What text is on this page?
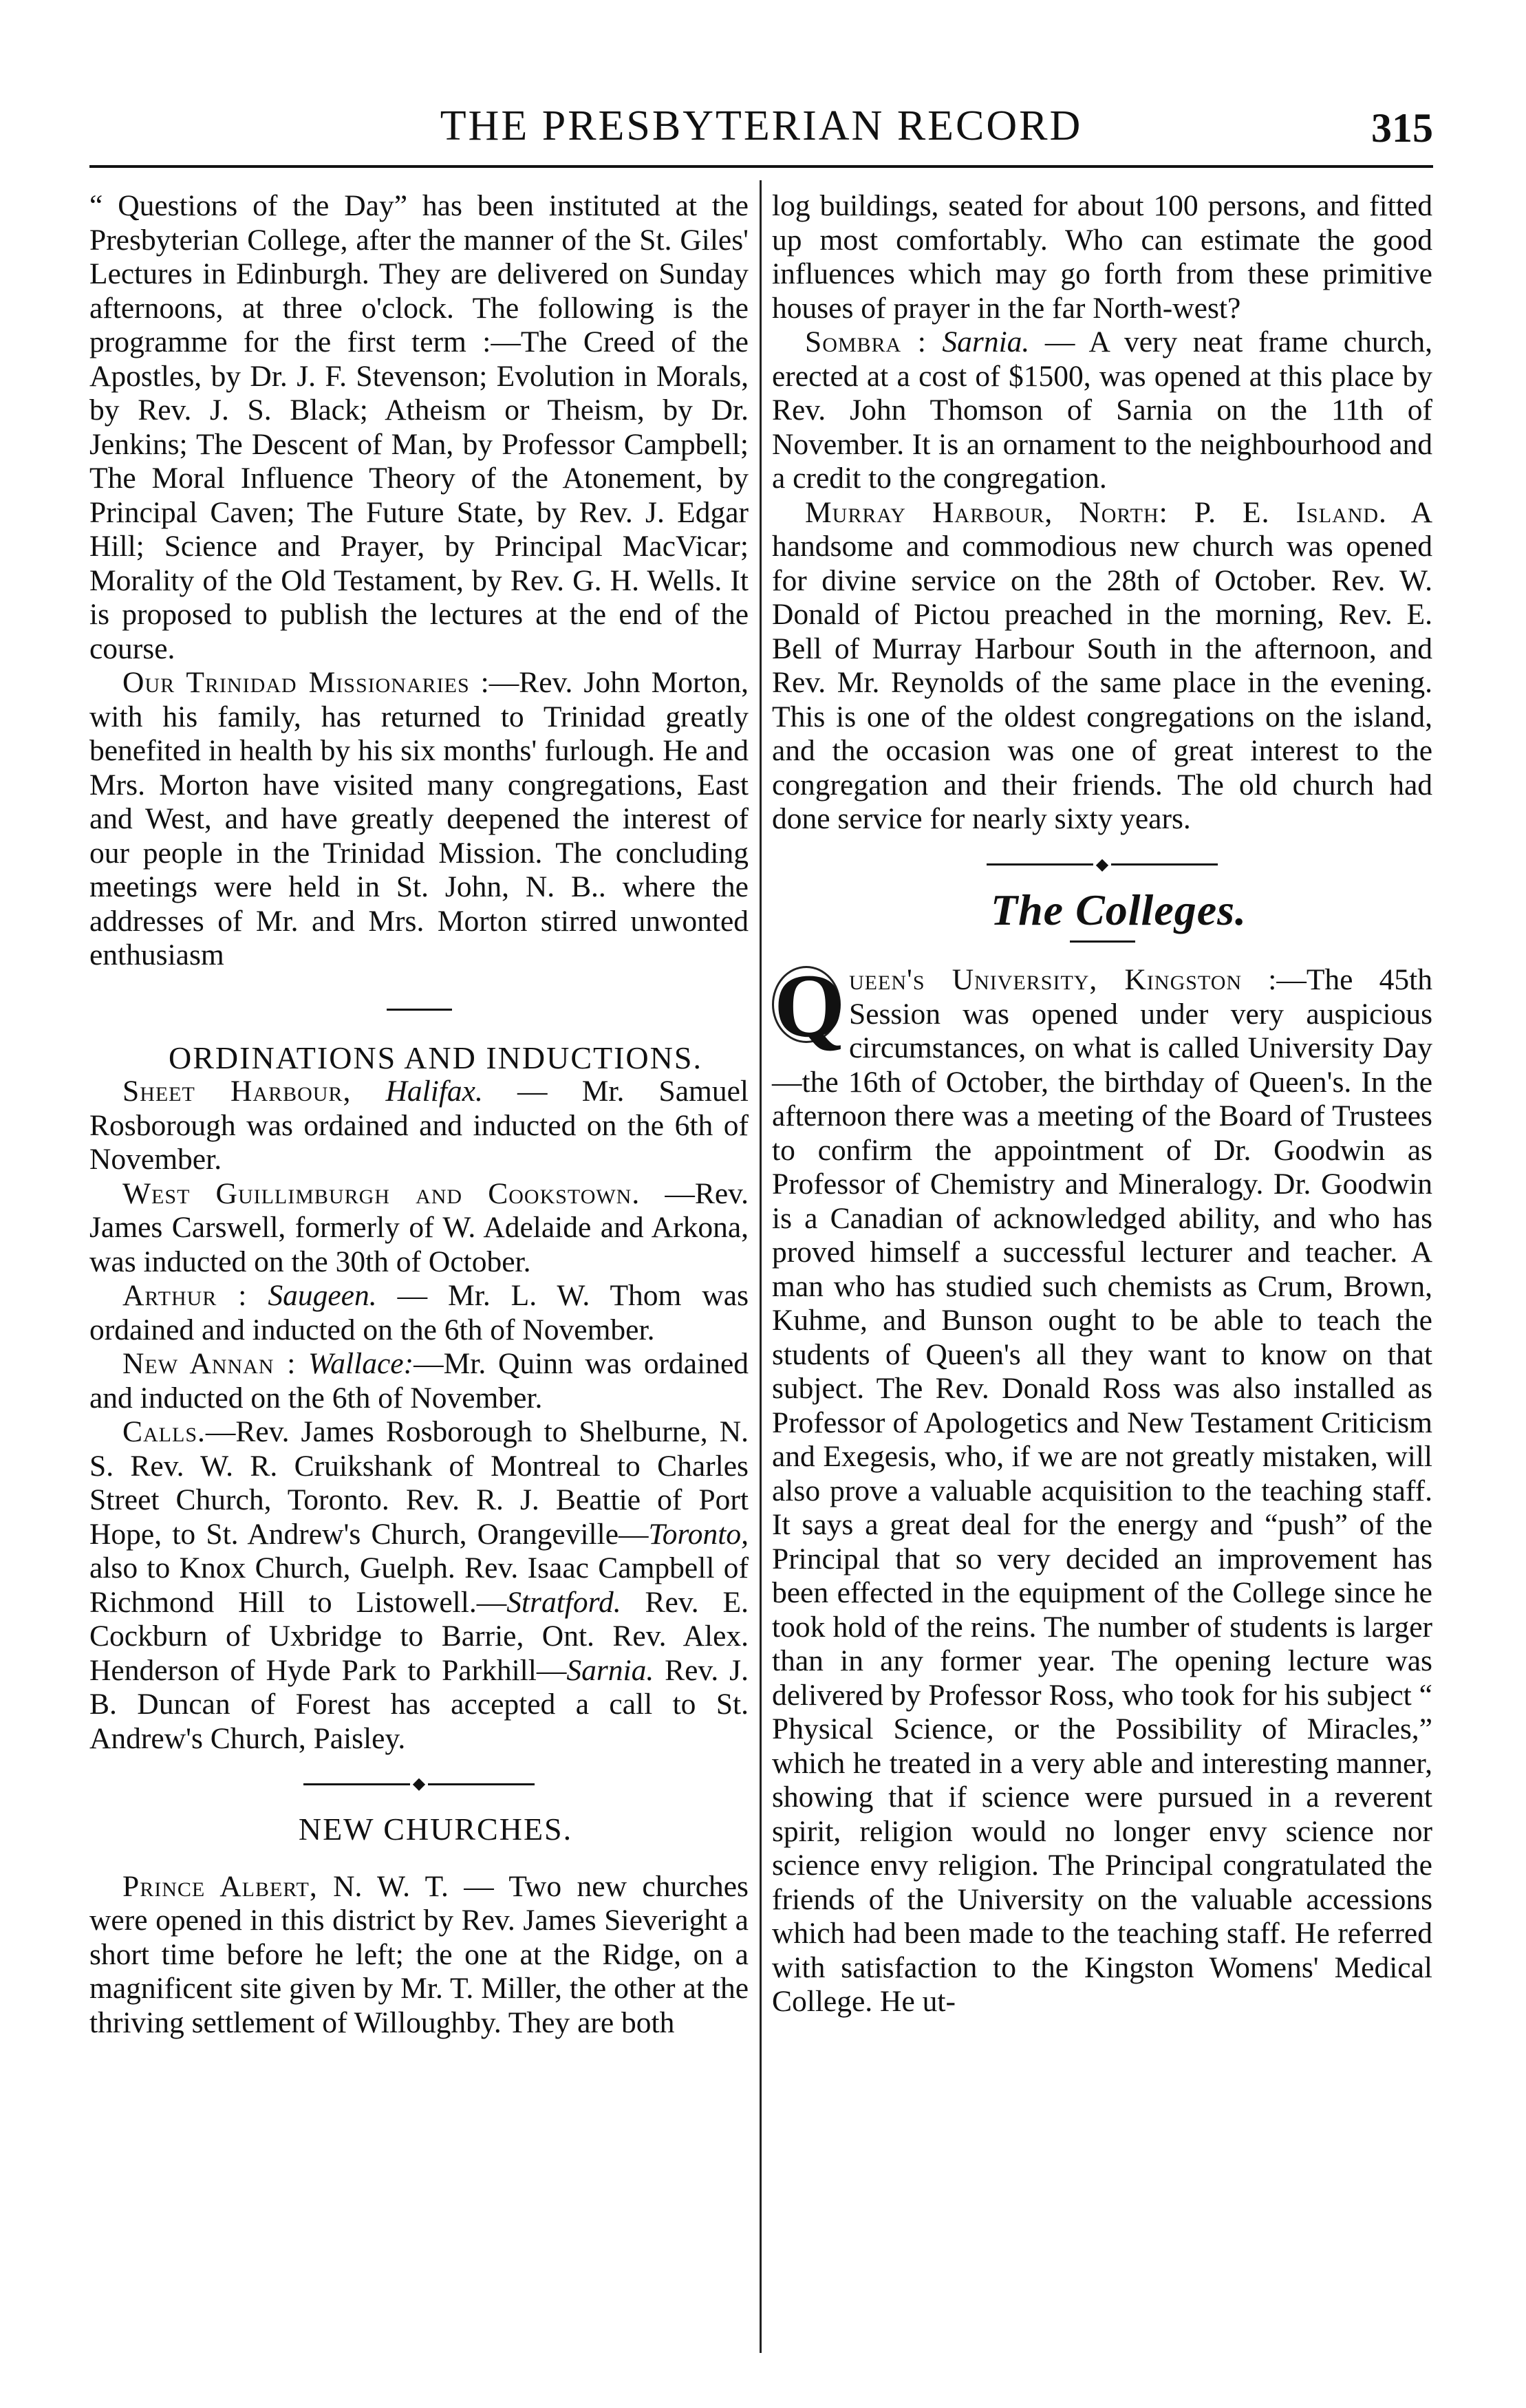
THE PRESBYTERIAN RECORD	315

“ Questions of the Day” has been instituted at the Presbyterian College, after the manner of the St. Giles' Lectures in Edinburgh. They are delivered on Sunday afternoons, at three o'clock. The following is the programme for the first term :—The Creed of the Apostles, by Dr. J. F. Stevenson; Evolution in Morals, by Rev. J. S. Black; Atheism or Theism, by Dr. Jenkins; The Descent of Man, by Professor Campbell; The Moral Influence Theory of the Atonement, by Principal Caven; The Future State, by Rev. J. Edgar Hill; Science and Prayer, by Principal MacVicar; Morality of the Old Testament, by Rev. G. H. Wells. It is proposed to publish the lectures at the end of the course.

Our Trinidad Missionaries :—Rev. John Morton, with his family, has returned to Trinidad greatly benefited in health by his six months' furlough. He and Mrs. Morton have visited many congregations, East and West, and have greatly deepened the interest of our people in the Trinidad Mission. The concluding meetings were held in St. John, N. B.. where the addresses of Mr. and Mrs. Morton stirred unwonted enthusiasm

ORDINATIONS AND INDUCTIONS.

Sheet Harbour, Halifax. — Mr. Samuel Rosborough was ordained and inducted on the 6th of November.

West Guillimburgh and Cookstown. —Rev. James Carswell, formerly of W. Adelaide and Arkona, was inducted on the 30th of October.

Arthur : Saugeen. — Mr. L. W. Thom was ordained and inducted on the 6th of November.

New Annan : Wallace:—Mr. Quinn was ordained and inducted on the 6th of November.

Calls.—Rev. James Rosborough to Shelburne, N. S. Rev. W. R. Cruikshank of Montreal to Charles Street Church, Toronto. Rev. R. J. Beattie of Port Hope, to St. Andrew's Church, Orangeville—Toronto, also to Knox Church, Guelph. Rev. Isaac Campbell of Richmond Hill to Listowell.—Stratford. Rev. E. Cockburn of Uxbridge to Barrie, Ont. Rev. Alex. Henderson of Hyde Park to Parkhill—Sarnia. Rev. J. B. Duncan of Forest has accepted a call to St. Andrew's Church, Paisley.

◆

NEW CHURCHES.

Prince Albert, N. W. T. — Two new churches were opened in this district by Rev. James Sieveright a short time before he left; the one at the Ridge, on a magnificent site given by Mr. T. Miller, the other at the thriving settlement of Willoughby. They are both

log buildings, seated for about 100 persons, and fitted up most comfortably. Who can estimate the good influences which may go forth from these primitive houses of prayer in the far North-west?

Sombra : Sarnia. — A very neat frame church, erected at a cost of $1500, was opened at this place by Rev. John Thomson of Sarnia on the 11th of November. It is an ornament to the neighbourhood and a credit to the congregation.

Murray Harbour, North: P. E. Island. A handsome and commodious new church was opened for divine service on the 28th of October. Rev. W. Donald of Pictou preached in the morning, Rev. E. Bell of Murray Harbour South in the afternoon, and Rev. Mr. Reynolds of the same place in the evening. This is one of the oldest congregations on the island, and the occasion was one of great interest to the congregation and their friends. The old church had done service for nearly sixty years.

◆

The Colleges.

Q ueen's University, Kingston :—The 45th Session was opened under very auspicious circumstances, on what is called University Day—the 16th of October, the birthday of Queen's. In the afternoon there was a meeting of the Board of Trustees to confirm the appointment of Dr. Goodwin as Professor of Chemistry and Mineralogy. Dr. Goodwin is a Canadian of acknowledged ability, and who has proved himself a successful lecturer and teacher. A man who has studied such chemists as Crum, Brown, Kuhme, and Bunson ought to be able to teach the students of Queen's all they want to know on that subject. The Rev. Donald Ross was also installed as Professor of Apologetics and New Testament Criticism and Exegesis, who, if we are not greatly mistaken, will also prove a valuable acquisition to the teaching staff. It says a great deal for the energy and “push” of the Principal that so very decided an improvement has been effected in the equipment of the College since he took hold of the reins. The number of students is larger than in any former year. The opening lecture was delivered by Professor Ross, who took for his subject “ Physical Science, or the Possibility of Miracles,” which he treated in a very able and interesting manner, showing that if science were pursued in a reverent spirit, religion would no longer envy science nor science envy religion. The Principal congratulated the friends of the University on the valuable accessions which had been made to the teaching staff. He referred with satisfaction to the Kingston Womens' Medical College. He ut-
